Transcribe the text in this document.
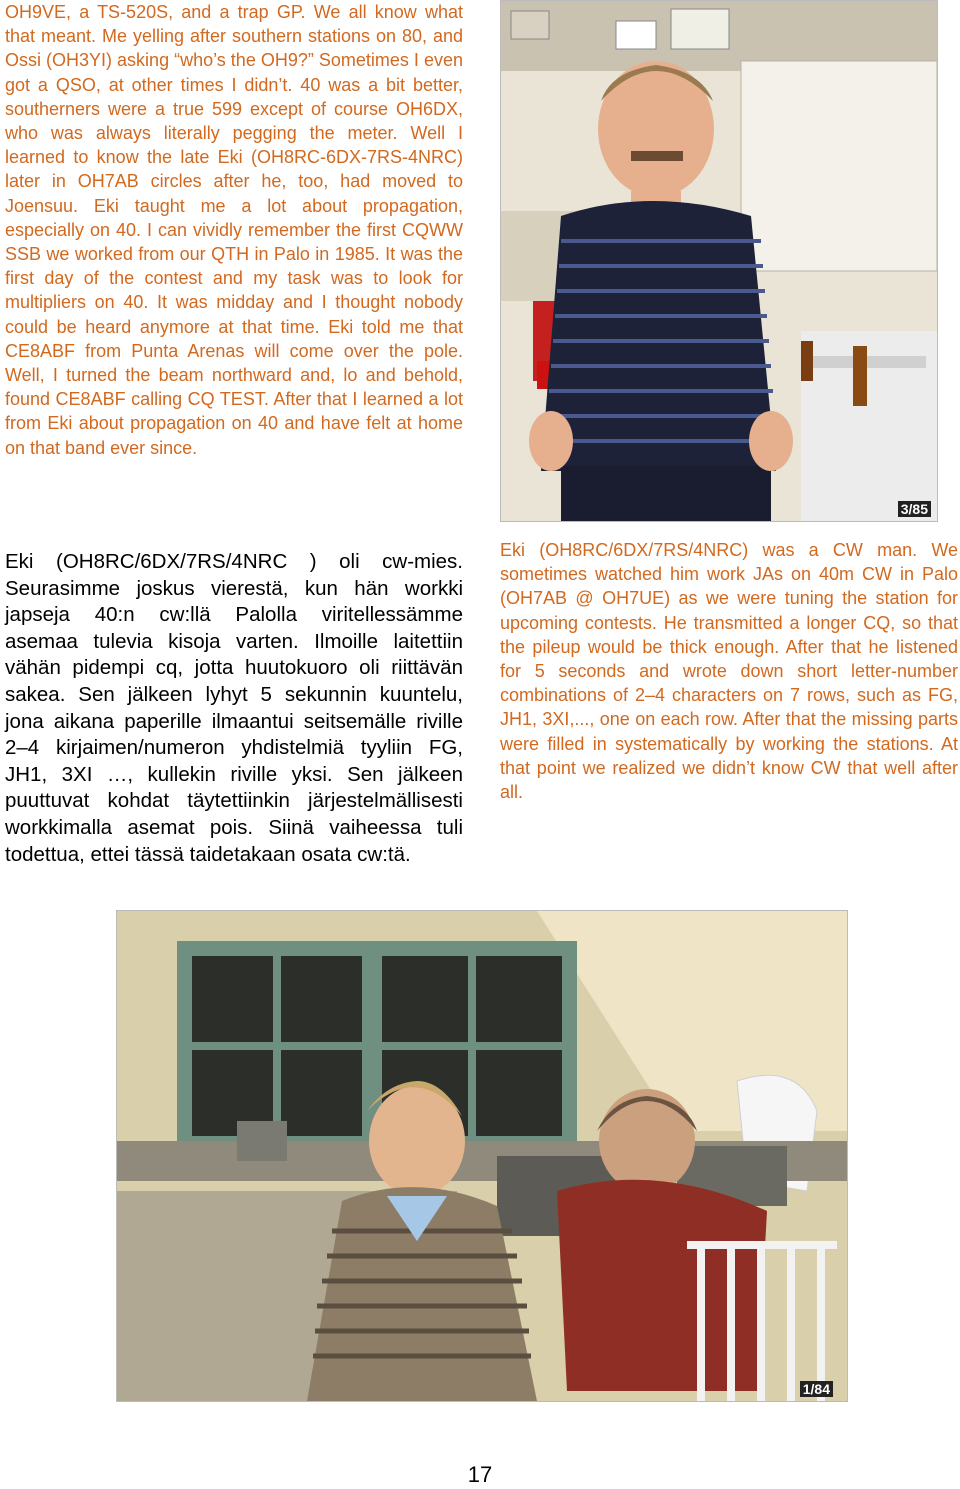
OH9VE, a TS-520S, and a trap GP. We all know what that meant. Me yelling after southern stations on 80, and Ossi (OH3YI) asking “who’s the OH9?” Sometimes I even got a QSO, at other times I didn’t. 40 was a bit better, southerners were a true 599 except of course OH6DX, who was always literally pegging the meter. Well I learned to know the late Eki (OH8RC-6DX-7RS-4NRC) later in OH7AB circles after he, too, had moved to Joensuu. Eki taught me a lot about propagation, especially on 40. I can vividly remember the first CQWW SSB we worked from our QTH in Palo in 1985. It was the first day of the contest and my task was to look for multipliers on 40. It was midday and I thought nobody could be heard anymore at that time. Eki told me that CE8ABF from Punta Arenas will come over the pole. Well, I turned the beam northward and, lo and behold, found CE8ABF calling CQ TEST. After that I learned a lot from Eki about propagation on 40 and have felt at home on that band ever since.

3/85

Eki (OH8RC/6DX/7RS/4NRC ) oli cw-mies. Seurasimme joskus vierestä, kun hän workki japseja 40:n cw:llä Palolla viritellessämme asemaa tulevia kisoja varten. Ilmoille laitettiin vähän pidempi cq, jotta huutokuoro oli riittävän sakea. Sen jälkeen lyhyt 5 sekunnin kuuntelu, jona aikana paperille ilmaantui seitsemälle riville 2–4 kirjaimen/numeron yhdistelmiä tyyliin FG, JH1, 3XI …, kullekin riville yksi. Sen jälkeen puuttuvat kohdat täytettiinkin järjestelmällisesti workkimalla asemat pois. Siinä vaiheessa tuli todettua, ettei tässä taidetakaan osata cw:tä.

Eki (OH8RC/6DX/7RS/4NRC) was a CW man. We sometimes watched him work JAs on 40m CW in Palo (OH7AB @ OH7UE) as we were tuning the station for upcoming contests. He transmitted a longer CQ, so that the pileup would be thick enough. After that he listened for 5 seconds and wrote down short letter-number combinations of 2–4 characters on 7 rows, such as FG, JH1, 3XI,..., one on each row. After that the missing parts were filled in systematically by working the stations. At that point we realized we didn’t know CW that well after all.

1/84
17
